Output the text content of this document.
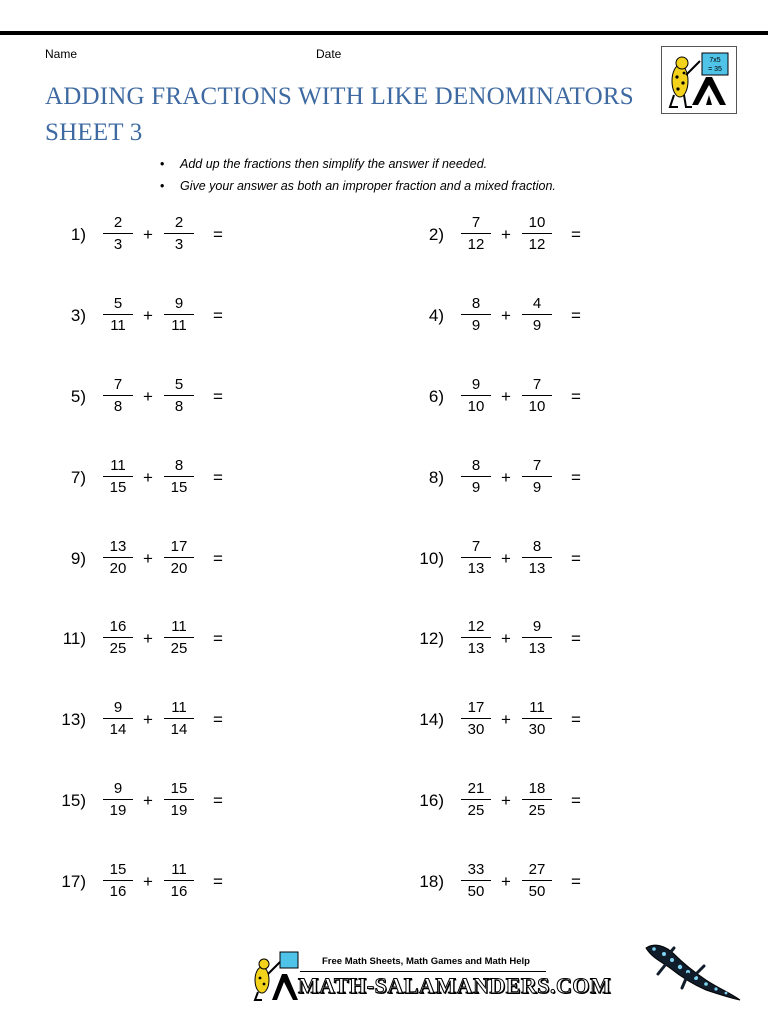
Name	Date
ADDING FRACTIONS WITH LIKE DENOMINATORS
SHEET 3
7x5
= 35
• Add up the fractions then simplify the answer if needed.
• Give your answer as both an improper fraction and a mixed fraction.
1)
2
3
+
2
3
=	2)
7
12
+
10
12
=
3)
5
11
+
9
11
=	4)
8
9
+
4
9
=
5)
7
8
+
5
8
=	6)
9
10
+
7
10
=
7)
11
15
+
8
15
=	8)
8
9
+
7
9
=
9)
13
20
+
17
20
=	10)
7
13
+
8
13
=
11)
16
25
+
11
25
=	12)
12
13
+
9
13
=
13)
9
14
+
11
14
=	14)
17
30
+
11
30
=
15)
9
19
+
15
19
=	16)
21
25
+
18
25
=
17)
15
16
+
11
16
=	18)
33
50
+
27
50
=
Free Math Sheets, Math Games and Math Help
MATH-SALAMANDERS.COM
